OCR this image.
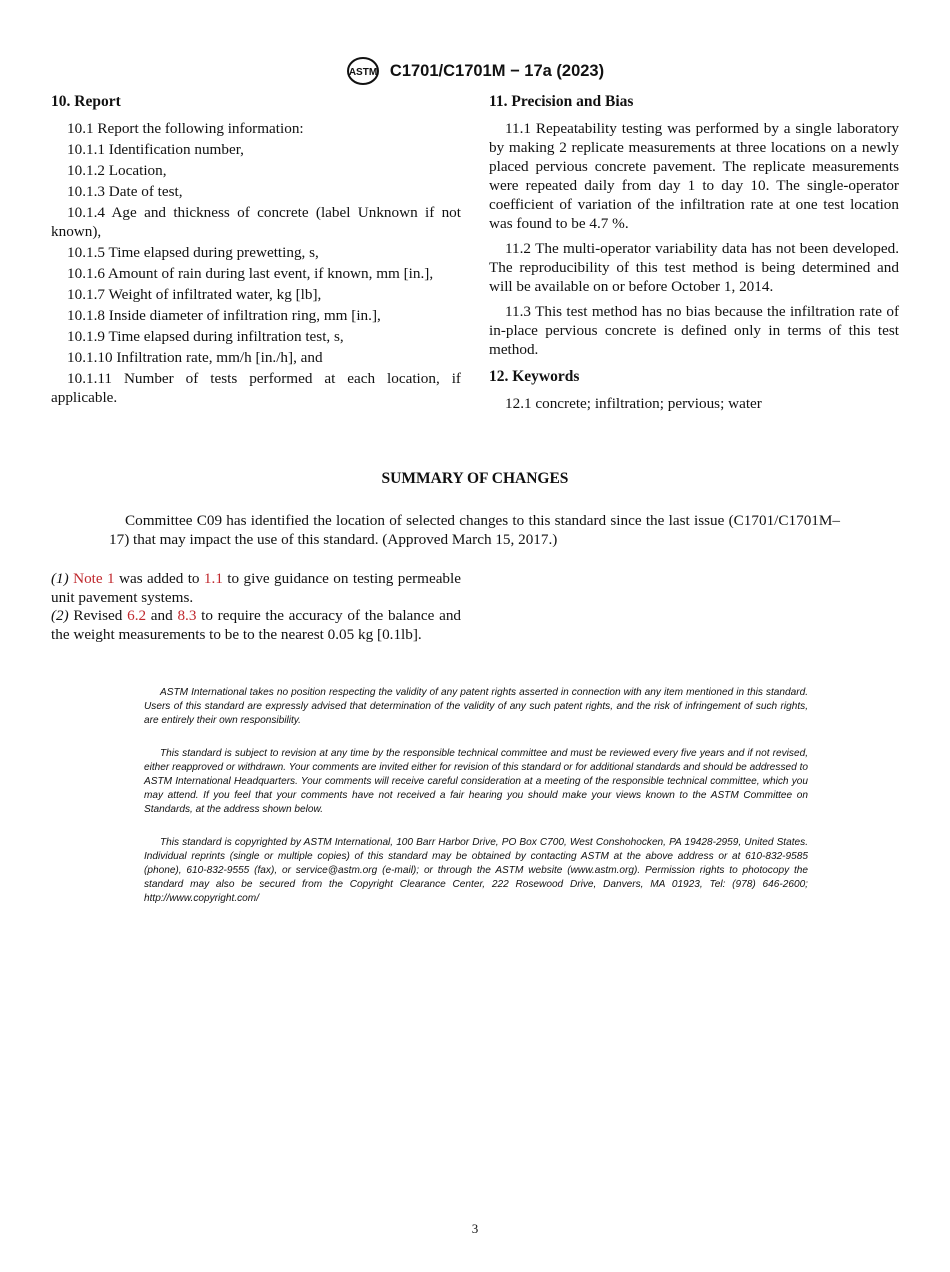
ASTM C1701/C1701M − 17a (2023)
10. Report

10.1 Report the following information:

10.1.1 Identification number,

10.1.2 Location,

10.1.3 Date of test,

10.1.4 Age and thickness of concrete (label Unknown if not known),

10.1.5 Time elapsed during prewetting, s,

10.1.6 Amount of rain during last event, if known, mm [in.],

10.1.7 Weight of infiltrated water, kg [lb],

10.1.8 Inside diameter of infiltration ring, mm [in.],

10.1.9 Time elapsed during infiltration test, s,

10.1.10 Infiltration rate, mm/h [in./h], and

10.1.11 Number of tests performed at each location, if applicable.

11. Precision and Bias

11.1 Repeatability testing was performed by a single laboratory by making 2 replicate measurements at three locations on a newly placed pervious concrete pavement. The replicate measurements were repeated daily from day 1 to day 10. The single-operator coefficient of variation of the infiltration rate at one test location was found to be 4.7 %.

11.2 The multi-operator variability data has not been developed. The reproducibility of this test method is being determined and will be available on or before October 1, 2014.

11.3 This test method has no bias because the infiltration rate of in-place pervious concrete is defined only in terms of this test method.

12. Keywords

12.1 concrete; infiltration; pervious; water

SUMMARY OF CHANGES
Committee C09 has identified the location of selected changes to this standard since the last issue (C1701/C1701M–17) that may impact the use of this standard. (Approved March 15, 2017.)

(1) Note 1 was added to 1.1 to give guidance on testing permeable unit pavement systems.

(2) Revised 6.2 and 8.3 to require the accuracy of the balance and the weight measurements to be to the nearest 0.05 kg [0.1lb].

ASTM International takes no position respecting the validity of any patent rights asserted in connection with any item mentioned in this standard. Users of this standard are expressly advised that determination of the validity of any such patent rights, and the risk of infringement of such rights, are entirely their own responsibility.

This standard is subject to revision at any time by the responsible technical committee and must be reviewed every five years and if not revised, either reapproved or withdrawn. Your comments are invited either for revision of this standard or for additional standards and should be addressed to ASTM International Headquarters. Your comments will receive careful consideration at a meeting of the responsible technical committee, which you may attend. If you feel that your comments have not received a fair hearing you should make your views known to the ASTM Committee on Standards, at the address shown below.

This standard is copyrighted by ASTM International, 100 Barr Harbor Drive, PO Box C700, West Conshohocken, PA 19428-2959, United States. Individual reprints (single or multiple copies) of this standard may be obtained by contacting ASTM at the above address or at 610-832-9585 (phone), 610-832-9555 (fax), or service@astm.org (e-mail); or through the ASTM website (www.astm.org). Permission rights to photocopy the standard may also be secured from the Copyright Clearance Center, 222 Rosewood Drive, Danvers, MA 01923, Tel: (978) 646-2600; http://www.copyright.com/

3
